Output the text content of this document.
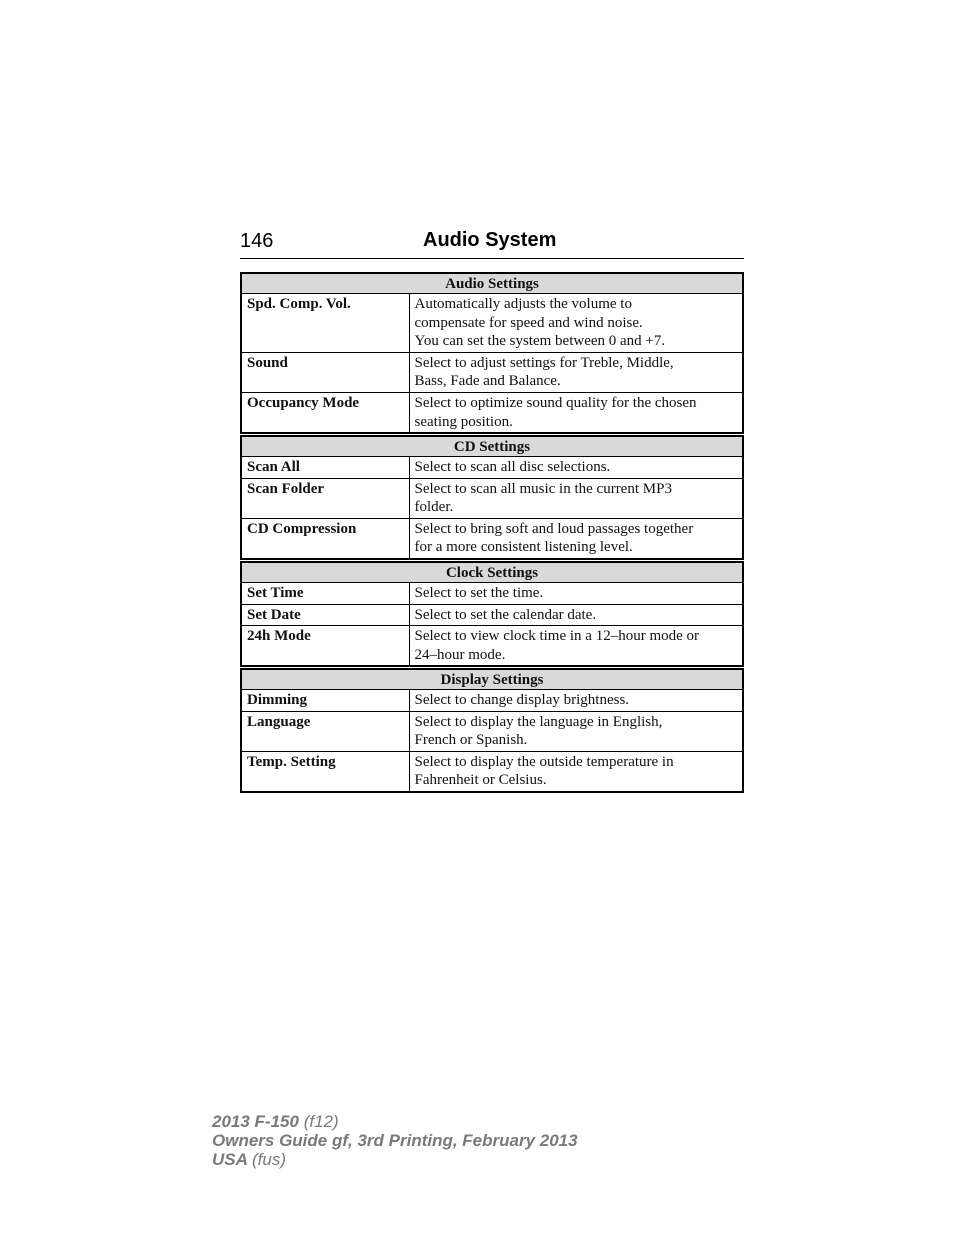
146	Audio System
Audio Settings	
Spd. Comp. Vol.	Automatically adjusts the volume to
compensate for speed and wind noise.
You can set the system between 0 and +7.

Sound	Select to adjust settings for Treble, Middle,
Bass, Fade and Balance.

Occupancy Mode	Select to optimize sound quality for the chosen
seating position.
CD Settings	
Scan All	Select to scan all disc selections.

Scan Folder	Select to scan all music in the current MP3
folder.

CD Compression	Select to bring soft and loud passages together
for a more consistent listening level.
Clock Settings	
Set Time	Select to set the time.

Set Date	Select to set the calendar date.

24h Mode	Select to view clock time in a 12–hour mode or
24–hour mode.
Display Settings	
Dimming	Select to change display brightness.

Language	Select to display the language in English,
French or Spanish.

Temp. Setting	Select to display the outside temperature in
Fahrenheit or Celsius.
2013 F-150 (f12)
Owners Guide gf, 3rd Printing, February 2013
USA (fus)
